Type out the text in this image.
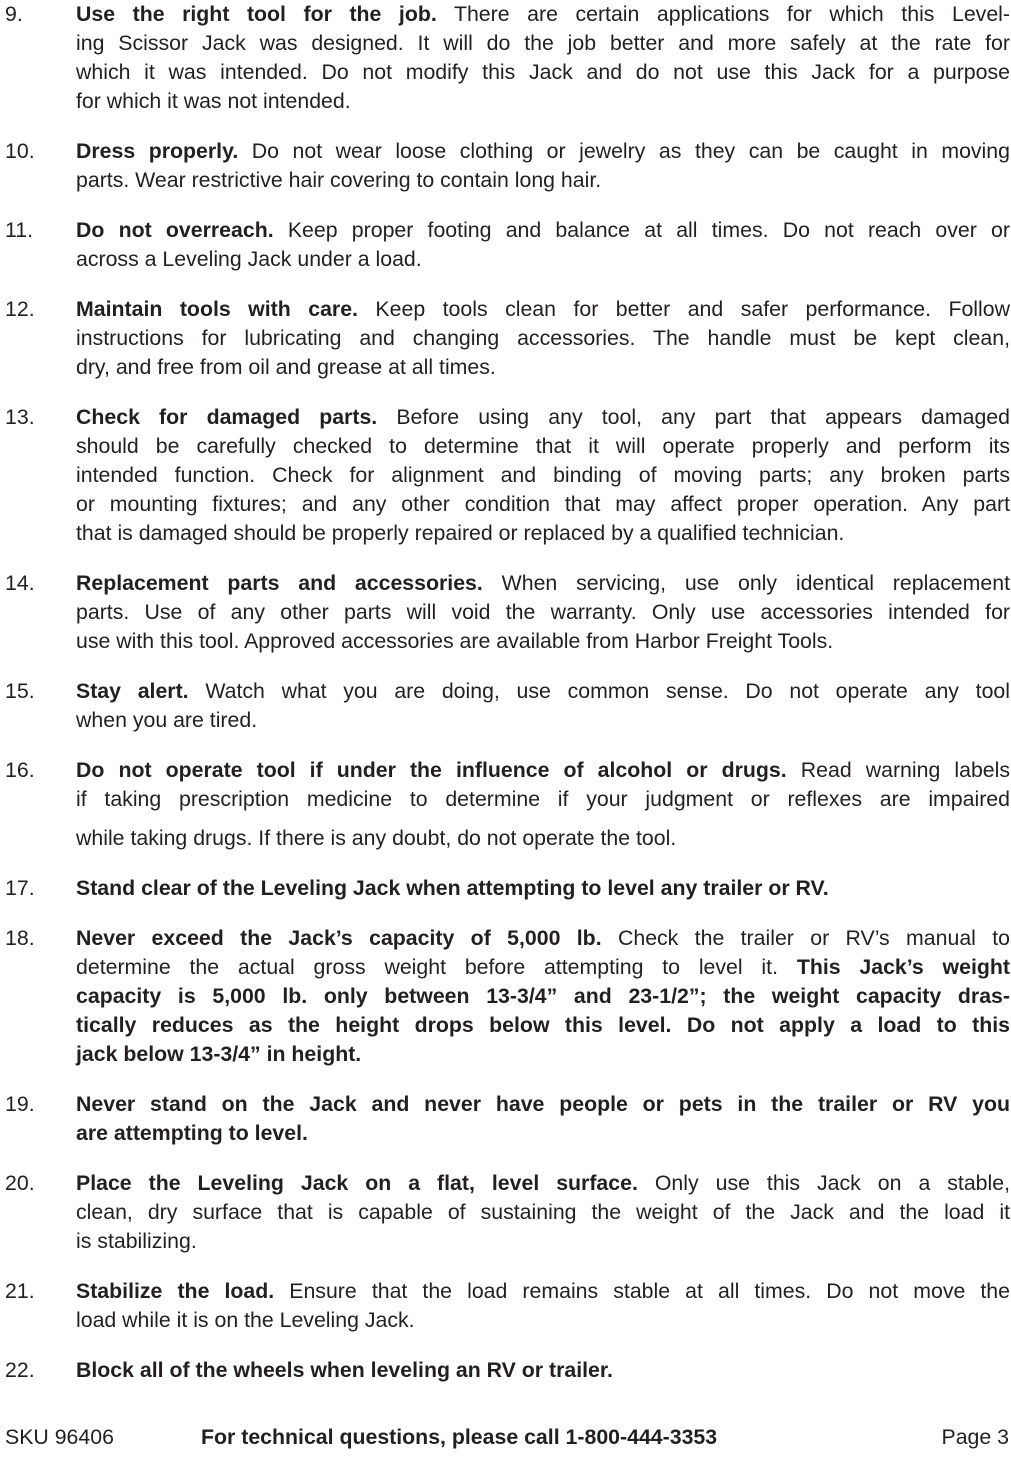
9. Use the right tool for the job. There are certain applications for which this Level-
ing Scissor Jack was designed. It will do the job better and more safely at the rate for
which it was intended. Do not modify this Jack and do not use this Jack for a purpose
for which it was not intended.
10. Dress properly. Do not wear loose clothing or jewelry as they can be caught in moving
parts. Wear restrictive hair covering to contain long hair.
11. Do not overreach. Keep proper footing and balance at all times. Do not reach over or
across a Leveling Jack under a load.
12. Maintain tools with care. Keep tools clean for better and safer performance. Follow
instructions for lubricating and changing accessories. The handle must be kept clean,
dry, and free from oil and grease at all times.
13. Check for damaged parts. Before using any tool, any part that appears damaged
should be carefully checked to determine that it will operate properly and perform its
intended function. Check for alignment and binding of moving parts; any broken parts
or mounting fixtures; and any other condition that may affect proper operation. Any part
that is damaged should be properly repaired or replaced by a qualified technician.
14. Replacement parts and accessories. When servicing, use only identical replacement
parts. Use of any other parts will void the warranty. Only use accessories intended for
use with this tool. Approved accessories are available from Harbor Freight Tools.
15. Stay alert. Watch what you are doing, use common sense. Do not operate any tool
when you are tired.
16. Do not operate tool if under the influence of alcohol or drugs. Read warning labels
if taking prescription medicine to determine if your judgment or reflexes are impaired
while taking drugs. If there is any doubt, do not operate the tool.
17. Stand clear of the Leveling Jack when attempting to level any trailer or RV.
18. Never exceed the Jack’s capacity of 5,000 lb. Check the trailer or RV’s manual to
determine the actual gross weight before attempting to level it. This Jack’s weight
capacity is 5,000 lb. only between 13-3/4” and 23-1/2”; the weight capacity dras-
tically reduces as the height drops below this level. Do not apply a load to this
jack below 13-3/4” in height.
19. Never stand on the Jack and never have people or pets in the trailer or RV you
are attempting to level.
20. Place the Leveling Jack on a flat, level surface. Only use this Jack on a stable,
clean, dry surface that is capable of sustaining the weight of the Jack and the load it
is stabilizing.
21. Stabilize the load. Ensure that the load remains stable at all times. Do not move the
load while it is on the Leveling Jack.
22. Block all of the wheels when leveling an RV or trailer.
SKU 96406	For technical questions, please call 1-800-444-3353	Page 3
